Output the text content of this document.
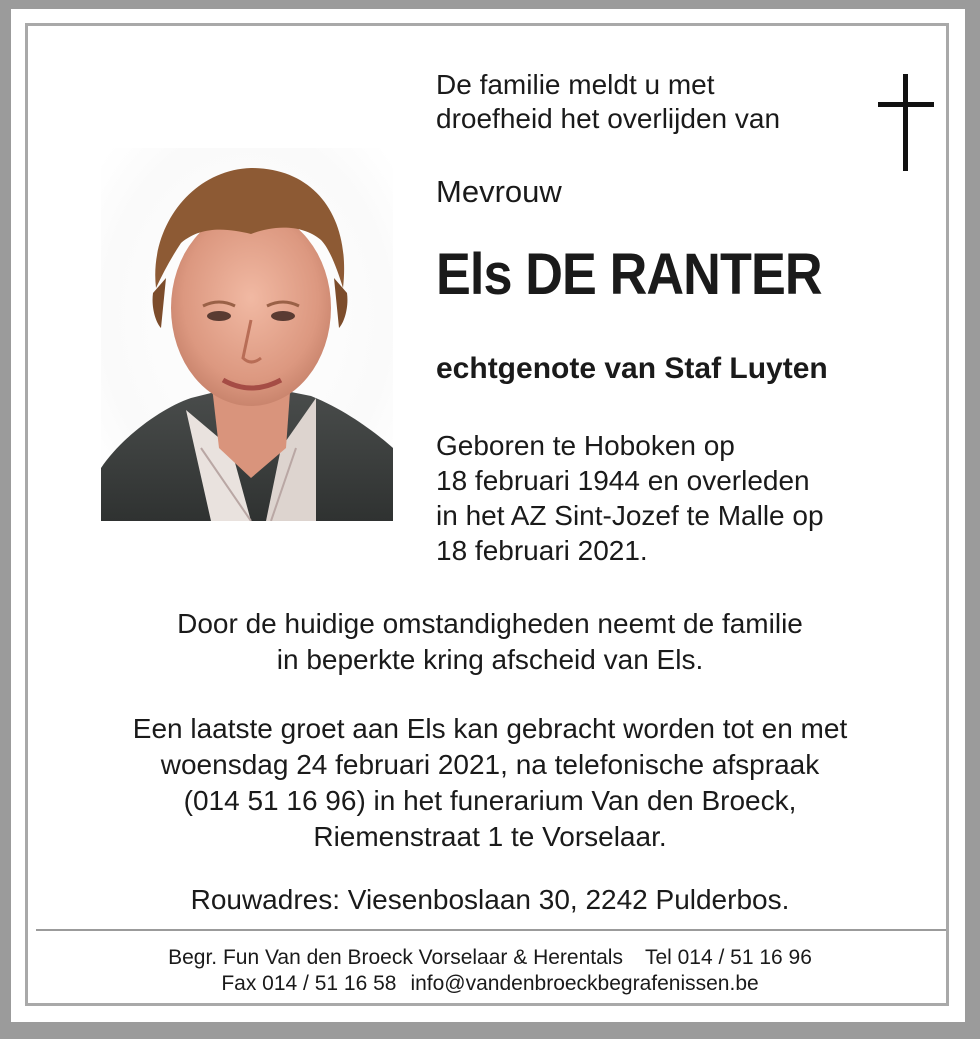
De familie meldt u met
droefheid het overlijden van
Mevrouw
Els DE RANTER
echtgenote van Staf Luyten
Geboren te Hoboken op
18 februari 1944 en overleden
in het AZ Sint-Jozef te Malle op
18 februari 2021.
Door de huidige omstandigheden neemt de familie
in beperkte kring afscheid van Els.
Een laatste groet aan Els kan gebracht worden tot en met
woensdag 24 februari 2021, na telefonische afspraak
(014 51 16 96) in het funerarium Van den Broeck,
Riemenstraat 1 te Vorselaar.
Rouwadres: Viesenboslaan 30, 2242 Pulderbos.
Begr. Fun Van den Broeck Vorselaar & Herentals Tel 014 / 51 16 96
Fax 014 / 51 16 58 info@vandenbroeckbegrafenissen.be
